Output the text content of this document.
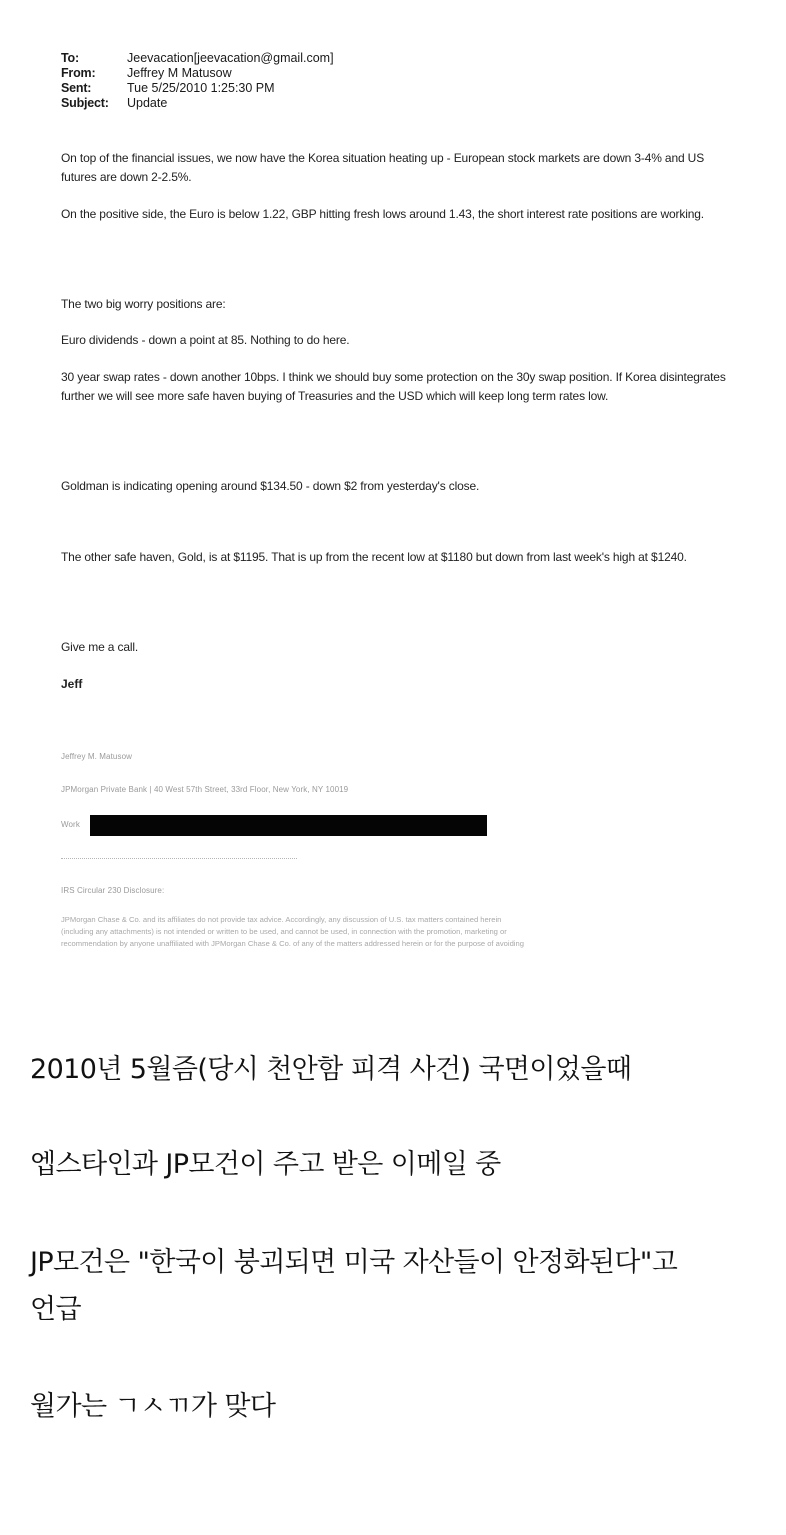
To:	Jeevacation[jeevacation@gmail.com]
From:	Jeffrey M Matusow
Sent:	Tue 5/25/2010 1:25:30 PM
Subject:	Update
On top of the financial issues, we now have the Korea situation heating up - European stock markets are down 3-4% and US futures are down 2-2.5%.
On the positive side, the Euro is below 1.22, GBP hitting fresh lows around 1.43, the short interest rate positions are working.
The two big worry positions are:
Euro dividends - down a point at 85. Nothing to do here.
30 year swap rates - down another 10bps. I think we should buy some protection on the 30y swap position. If Korea disintegrates further we will see more safe haven buying of Treasuries and the USD which will keep long term rates low.
Goldman is indicating opening around $134.50 - down $2 from yesterday's close.
The other safe haven, Gold, is at $1195. That is up from the recent low at $1180 but down from last week's high at $1240.
Give me a call.
Jeff
Jeffrey M. Matusow
JPMorgan Private Bank | 40 West 57th Street, 33rd Floor, New York, NY 10019
Work
IRS Circular 230 Disclosure:
JPMorgan Chase & Co. and its affiliates do not provide tax advice. Accordingly, any discussion of U.S. tax matters contained herein
(including any attachments) is not intended or written to be used, and cannot be used, in connection with the promotion, marketing or
recommendation by anyone unaffiliated with JPMorgan Chase & Co. of any of the matters addressed herein or for the purpose of avoiding
2010년 5월즘(당시 천안함 피격 사건) 국면이었을때
엡스타인과 JP모건이 주고 받은 이메일 중
JP모건은 "한국이 붕괴되면 미국 자산들이 안정화된다"고
언급
월가는 ㄱㅅㄲ가 맞다
